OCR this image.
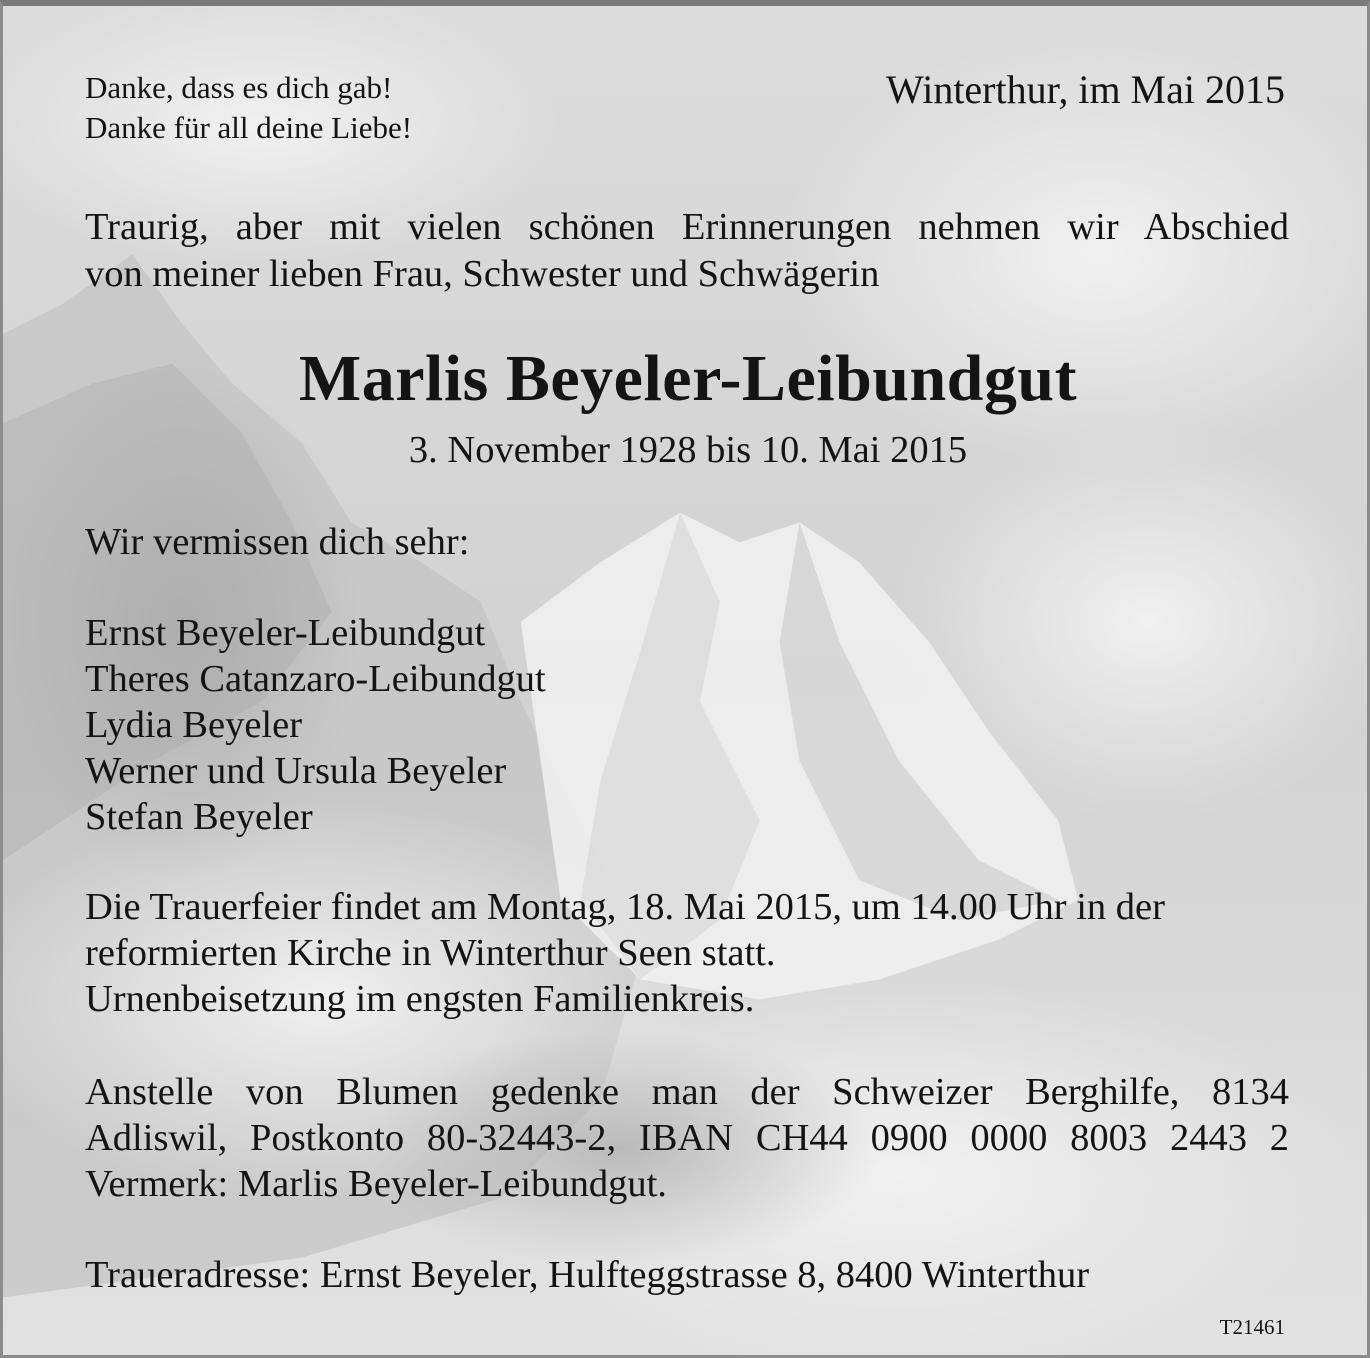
Danke, dass es dich gab!
Danke für all deine Liebe!
Winterthur, im Mai 2015
Traurig, aber mit vielen schönen Erinnerungen nehmen wir Abschied
von meiner lieben Frau, Schwester und Schwägerin
Marlis Beyeler-Leibundgut
3. November 1928 bis 10. Mai 2015
Wir vermissen dich sehr:
Ernst Beyeler-Leibundgut
Theres Catanzaro-Leibundgut
Lydia Beyeler
Werner und Ursula Beyeler
Stefan Beyeler
Die Trauerfeier findet am Montag, 18. Mai 2015, um 14.00 Uhr in der
reformierten Kirche in Winterthur Seen statt.
Urnenbeisetzung im engsten Familienkreis.
Anstelle von Blumen gedenke man der Schweizer Berghilfe, 8134
Adliswil, Postkonto 80-32443-2, IBAN CH44 0900 0000 8003 2443 2
Vermerk: Marlis Beyeler-Leibundgut.
Traueradresse: Ernst Beyeler, Hulfteggstrasse 8, 8400 Winterthur
T21461
